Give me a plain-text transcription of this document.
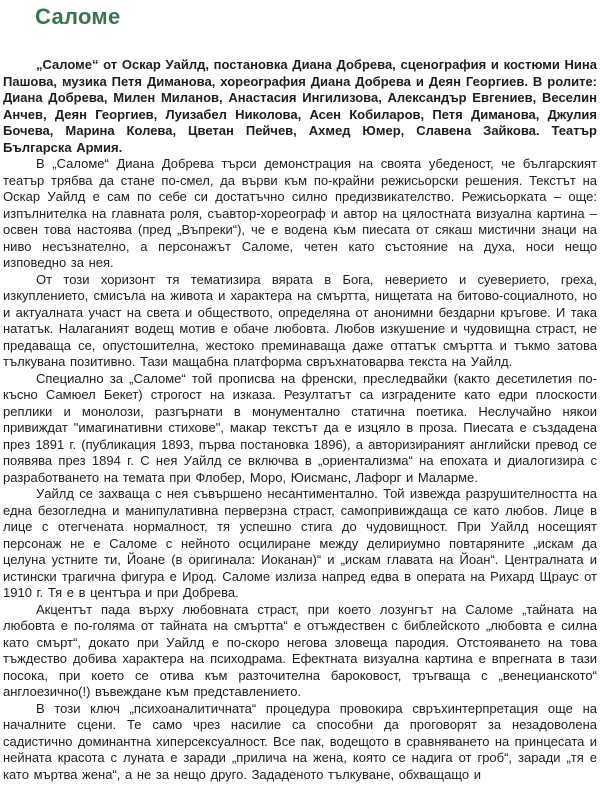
Саломе

„Саломе“ от Оскар Уайлд, постановка Диана Добрева, сценография и костюми Нина Пашова, музика Петя Диманова, хореография Диана Добрева и Деян Георгиев. В ролите: Диана Добрева, Милен Миланов, Анастасия Ингилизова, Александър Евгениев, Веселин Анчев, Деян Георгиев, Луизабел Николова, Асен Кобиларов, Петя Диманова, Джулия Бочева, Марина Колева, Цветан Пейчев, Ахмед Юмер, Славена Зайкова. Театър Българска Армия.

В „Саломе“ Диана Добрева търси демонстрация на своята убеденост, че българският театър трябва да стане по-смел, да върви към по-крайни режисьорски решения. Текстът на Оскар Уайлд е сам по себе си достатъчно силно предизвикателство. Режисьорката – още: изпълнителка на главната роля, съавтор-хореограф и автор на цялостната визуална картина – освен това настоява (пред „Въпреки“), че е водена към пиесата от сякаш мистични знаци на ниво несъзнателно, а персонажът Саломе, четен като състояние на духа, носи нещо изповедно за нея.

От този хоризонт тя тематизира вярата в Бога, неверието и суеверието, греха, изкуплението, смисъла на живота и характера на смъртта, нищетата на битово-социалното, но и актуалната участ на света и обществото, определяна от анонимни бездарни кръгове. И така нататък. Налаганият водещ мотив е обаче любовта. Любов изкушение и чудовищна страст, не предаваща се, опустошителна, жестоко преминаваща даже оттатък смъртта и тъкмо затова тълкувана позитивно. Тази мащабна платформа свръхнатоварва текста на Уайлд.

Специално за „Саломе“ той прописва на френски, преследвайки (както десетилетия по-късно Самюел Бекет) строгост на изказа. Резултатът са изградените като едри плоскости реплики и монолози, разгърнати в монументално статична поетика. Неслучайно някои привиждат "имагинативни стихове", макар текстът да е изцяло в проза. Пиесата е създадена през 1891 г. (публикация 1893, първа постановка 1896), а авторизираният английски превод се появява през 1894 г. С нея Уайлд се включва в „ориентализма“ на епохата и диалогизира с разработването на темата при Флобер, Моро, Юисманс, Лафорг и Маларме.

Уайлд се захваща с нея съвършено несантиментално. Той извежда разрушителността на една безогледна и манипулативна перверзна страст, самопривиждаща се като любов. Лице в лице с отегчената нормалност, тя успешно стига до чудовищност. При Уайлд носещият персонаж не е Саломе с нейното осцилиране между делириумно повтаряните „искам да целуна устните ти, Йоане (в оригинала: Иоканан)“ и „искам главата на Йоан“. Централната и истински трагична фигура е Ирод. Саломе излиза напред едва в операта на Рихард Щраус от 1910 г. Тя е в центъра и при Добрева.

Акцентът пада върху любовната страст, при което лозунгът на Саломе „тайната на любовта е по-голяма от тайната на смъртта“ е отъждествен с библейското „любовта е силна като смърт“, докато при Уайлд е по-скоро негова зловеща пародия. Отстояването на това тъждество добива характера на психодрама. Ефектната визуална картина е впрегната в тази посока, при което се отива към разточителна бароковост, тръгваща с „венецианското“ англоезично(!) въвеждане към представлението.

В този ключ „психоаналитичната“ процедура провокира свръхинтерпретация още на началните сцени. Те само чрез насилие са способни да проговорят за незадоволена садистично доминантна хиперсексуалност. Все пак, водещото в сравняването на принцесата и нейната красота с луната е заради „прилича на жена, която се надига от гроб“, заради „тя е като мъртва жена“, а не за нещо друго. Зададеното тълкуване, обхващащо и
